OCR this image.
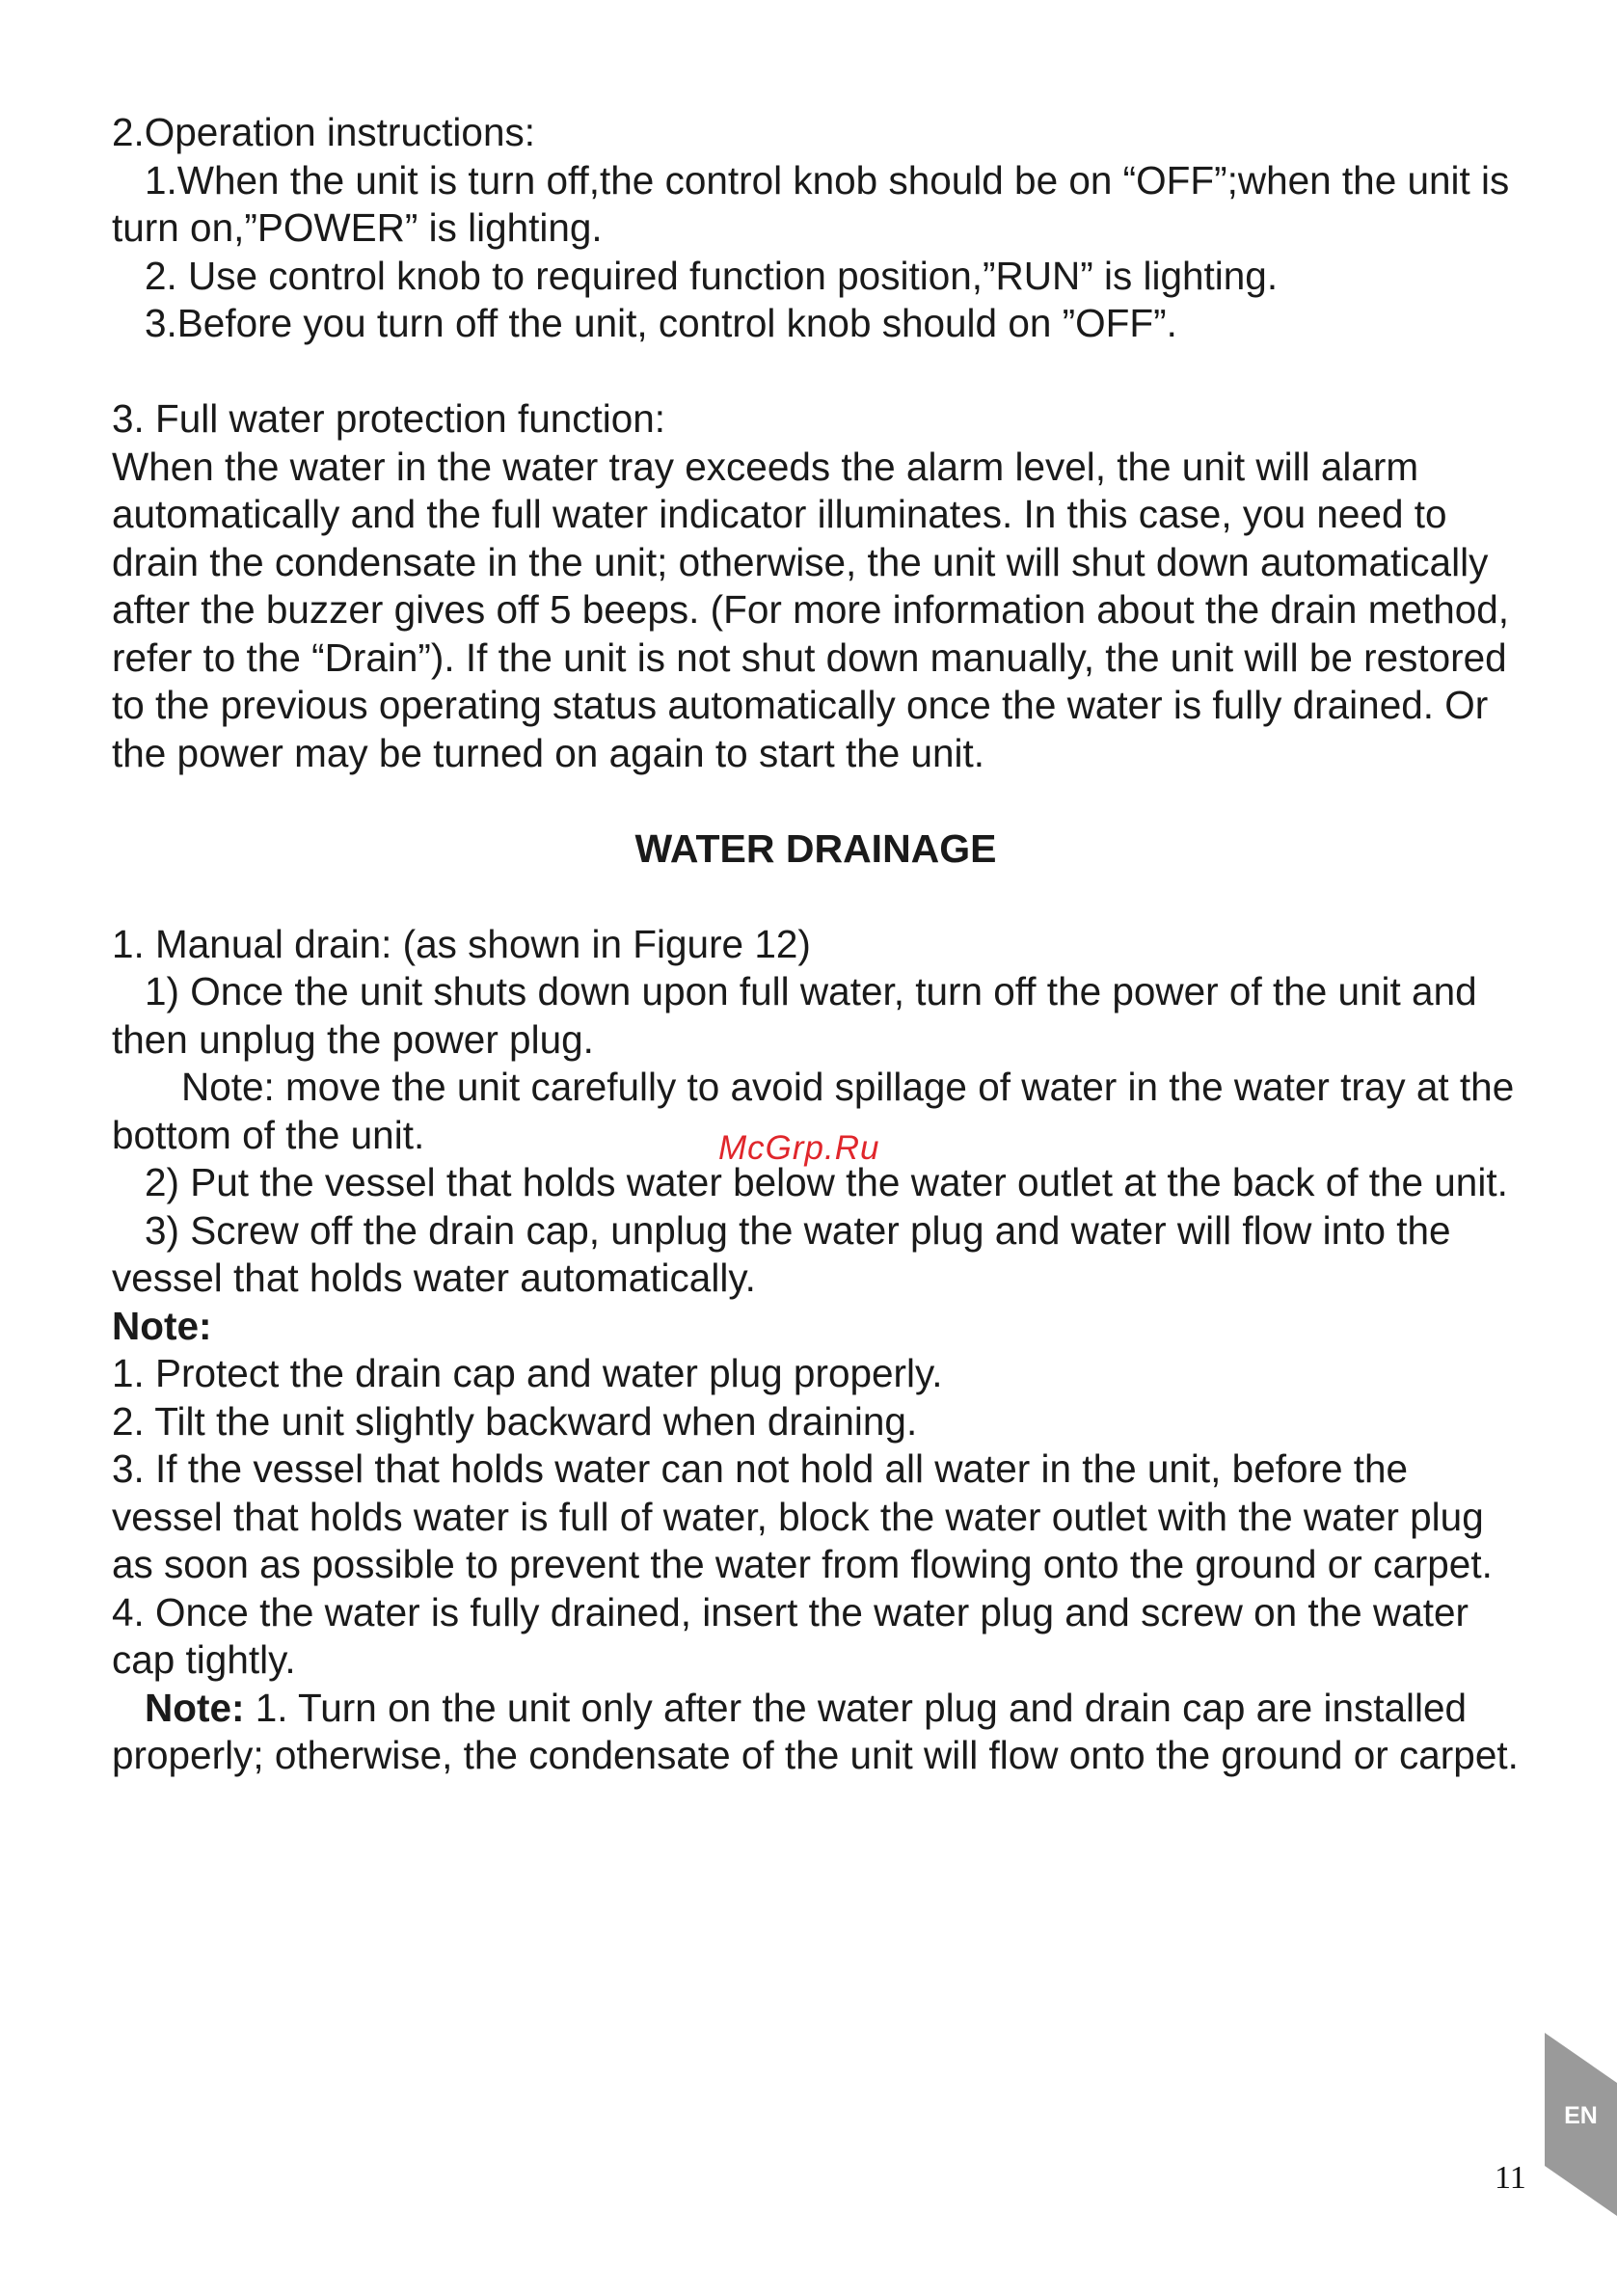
2.Operation instructions:

1.When the unit is turn off,the control knob should be on “OFF”;when the unit is turn on,”POWER” is lighting.

2. Use control knob to required function position,”RUN” is lighting.

3.Before you turn off the unit, control knob should on ”OFF”.

3. Full water protection function:

When the water in the water tray exceeds the alarm level, the unit will alarm automatically and the full water indicator illuminates. In this case, you need to drain the condensate in the unit; otherwise, the unit will shut down automatically after the buzzer gives off 5 beeps. (For more information about the drain method, refer to the “Drain”). If the unit is not shut down manually, the unit will be restored to the previous operating status automatically once the water is fully drained. Or the power may be turned on again to start the unit.

WATER DRAINAGE

1. Manual drain: (as shown in Figure 12)

1) Once the unit shuts down upon full water, turn off the power of the unit and then unplug the power plug.

Note: move the unit carefully to avoid spillage of water in the water tray at the bottom of the unit.

2) Put the vessel that holds water below the water outlet at the back of the unit.

3) Screw off the drain cap, unplug the water plug and water will flow into the vessel that holds water automatically.

Note:

1. Protect the drain cap and water plug properly.

2. Tilt the unit slightly backward when draining.

3. If the vessel that holds water can not hold all water in the unit, before the vessel that holds water is full of water, block the water outlet with the water plug as soon as possible to prevent the water from flowing onto the ground or carpet.

4. Once the water is fully drained, insert the water plug and screw on the water cap tightly.

Note: 1. Turn on the unit only after the water plug and drain cap are installed properly; otherwise, the condensate of the unit will flow onto the ground or carpet.

McGrp.Ru
EN
11
